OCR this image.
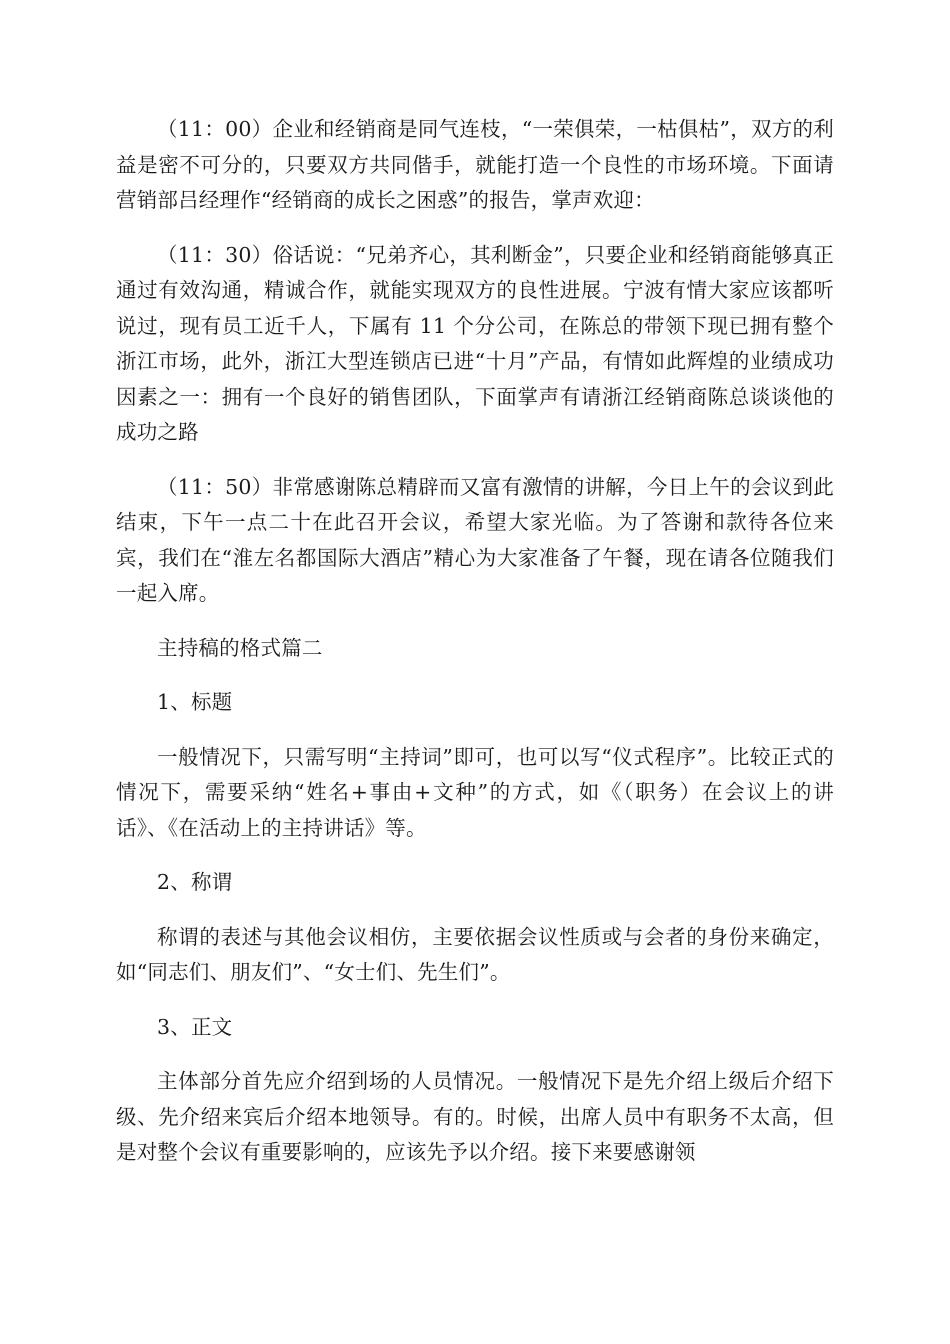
（11：00）企业和经销商是同气连枝，“一荣俱荣，一枯俱枯”，双方的利益是密不可分的，只要双方共同偕手，就能打造一个良性的市场环境。下面请营销部吕经理作“经销商的成长之困惑”的报告，掌声欢迎：

（11：30）俗话说：“兄弟齐心，其利断金”，只要企业和经销商能够真正通过有效沟通，精诚合作，就能实现双方的良性进展。宁波有情大家应该都听说过，现有员工近千人，下属有 11 个分公司，在陈总的带领下现已拥有整个浙江市场，此外，浙江大型连锁店已进“十月”产品，有情如此辉煌的业绩成功因素之一：拥有一个良好的销售团队，下面掌声有请浙江经销商陈总谈谈他的成功之路

（11：50）非常感谢陈总精辟而又富有激情的讲解，今日上午的会议到此结束，下午一点二十在此召开会议，希望大家光临。为了答谢和款待各位来宾，我们在“淮左名都国际大酒店”精心为大家准备了午餐，现在请各位随我们一起入席。

主持稿的格式篇二

1、标题

一般情况下，只需写明“主持词”即可，也可以写“仪式程序”。比较正式的情况下，需要采纳“姓名+事由+文种”的方式，如《（职务）在会议上的讲话》、《在活动上的主持讲话》等。

2、称谓

称谓的表述与其他会议相仿，主要依据会议性质或与会者的身份来确定，如“同志们、朋友们”、“女士们、先生们”。

3、正文

主体部分首先应介绍到场的人员情况。一般情况下是先介绍上级后介绍下级、先介绍来宾后介绍本地领导。有的。时候，出席人员中有职务不太高，但是对整个会议有重要影响的，应该先予以介绍。接下来要感谢领
